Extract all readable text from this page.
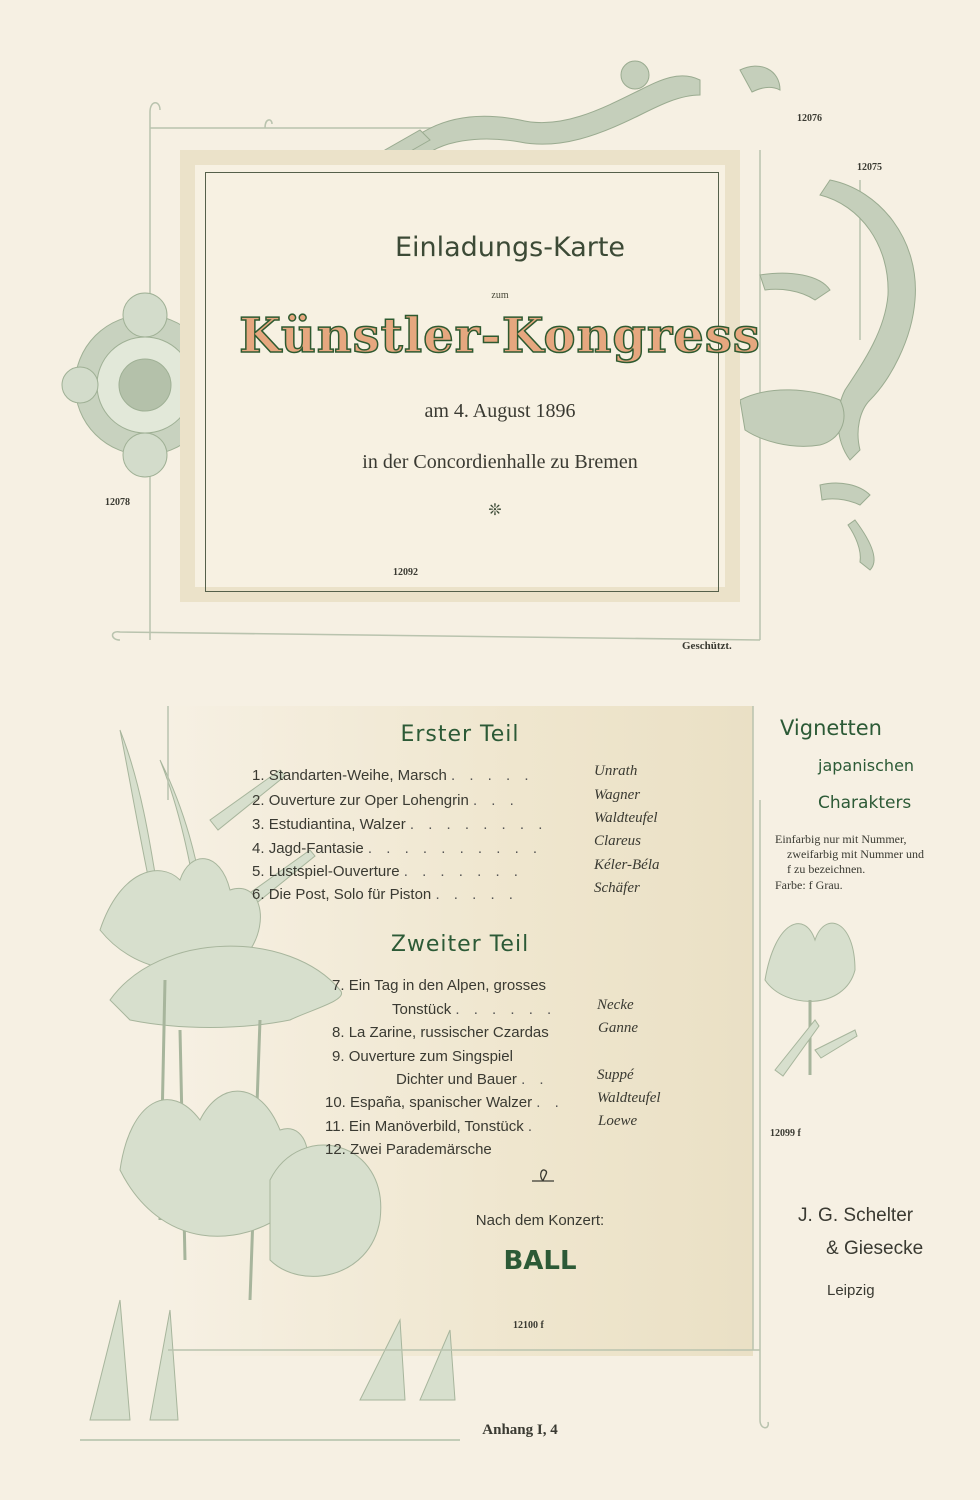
Einladungs-Karte
zum
Künstler-Kongress
am 4. August 1896
in der Concordienhalle zu Bremen
❊
12076
12075
12078
12092
Geschützt.
Erster Teil
1. Standarten-Weihe, Marsch . . . . .	Unrath
2. Ouverture zur Oper Lohengrin . . .	Wagner
3. Estudiantina, Walzer . . . . . . . .	Waldteufel
4. Jagd-Fantasie . . . . . . . . . .	Clareus
5. Lustspiel-Ouverture . . . . . . .	Kéler-Béla
6. Die Post, Solo für Piston . . . . .	Schäfer
Zweiter Teil
7. Ein Tag in den Alpen, grosses
Tonstück . . . . . .	Necke
8. La Zarine, russischer Czardas	Ganne
9. Ouverture zum Singspiel
Dichter und Bauer . .	Suppé
10. España, spanischer Walzer . . Waldteufel
11. Ein Manöverbild, Tonstück .	Loewe
12. Zwei Parademärsche
Nach dem Konzert:
BALL
12100 f
Vignetten
japanischen
Charakters
Einfarbig nur mit Nummer,
zweifarbig mit Nummer und
f zu bezeichnen.
Farbe: f Grau.
12099 f
J. G. Schelter
& Giesecke
Leipzig
Anhang I, 4
